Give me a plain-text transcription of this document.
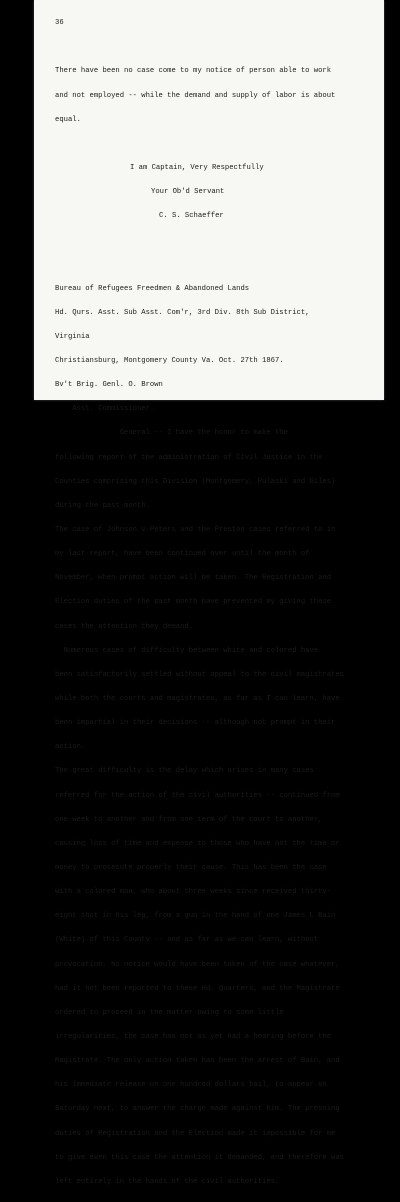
36

There have been no case come to my notice of person able to work

and not employed -- while the demand and supply of labor is about

equal.

I am Captain, Very Respectfully

Your Ob'd Servant

C. S. Schaeffer

Bureau of Refugees Freedmen & Abandoned Lands

Hd. Qurs. Asst. Sub Asst. Com'r, 3rd Div. 8th Sub District,

Virginia

Christiansburg, Montgomery County Va. Oct. 27th 1867.

Bv't Brig. Genl. O. Brown

Asst. Commissioner.

General -- I have the honor to make the

following report of the administration of Civil Justice in the

Counties comprising this Division (Montgomery, Pulaski and Giles)

during the past month.

The case of Johnson v Peters and the Preston cases referred to in

my last report, have been continued over until the month of

November, when prompt action will be taken. The Registration and

Election duties of the past month have prevented my giving these

cases the attention they demand.

Numerous cases of difficulty between white and colored have

been satisfactorily settled without appeal to the civil magistrates

while both the courts and magistrates, as far as I can learn, have

been impartial in their decisions -- although not prompt in their

action.

The great difficulty is the delay which arises in many cases

referred for the action of the civil authorities -- continued from

one week to another and from one term of the court to another,

causing loss of time and expense to those who have not the time or

money to prosecute properly their cause. This has been the case

with a colored man, who about three weeks since received thirty-

eight shot in his leg, from a gun in the hand of one James L Bain

(White) of this County -- and as far as we can learn, without

provocation. No notice would have been taken of the case whatever,

had it not been reported to these Hd. Quarters, and the Magistrate

ordered to proceed in the matter owing to some little

irregularities, the case has not as yet had a hearing before the

Magistrate. The only action taken has been the arrest of Bain, and

his immediate release on one hundred dollars bail, to appear on

Saturday next, to answer the charge made against him. The pressing

duties of Registration and the Election made it impossible for me

to give even this case the attention it demanded, and therefore was

left entirely in the hands of the civil authorities.
